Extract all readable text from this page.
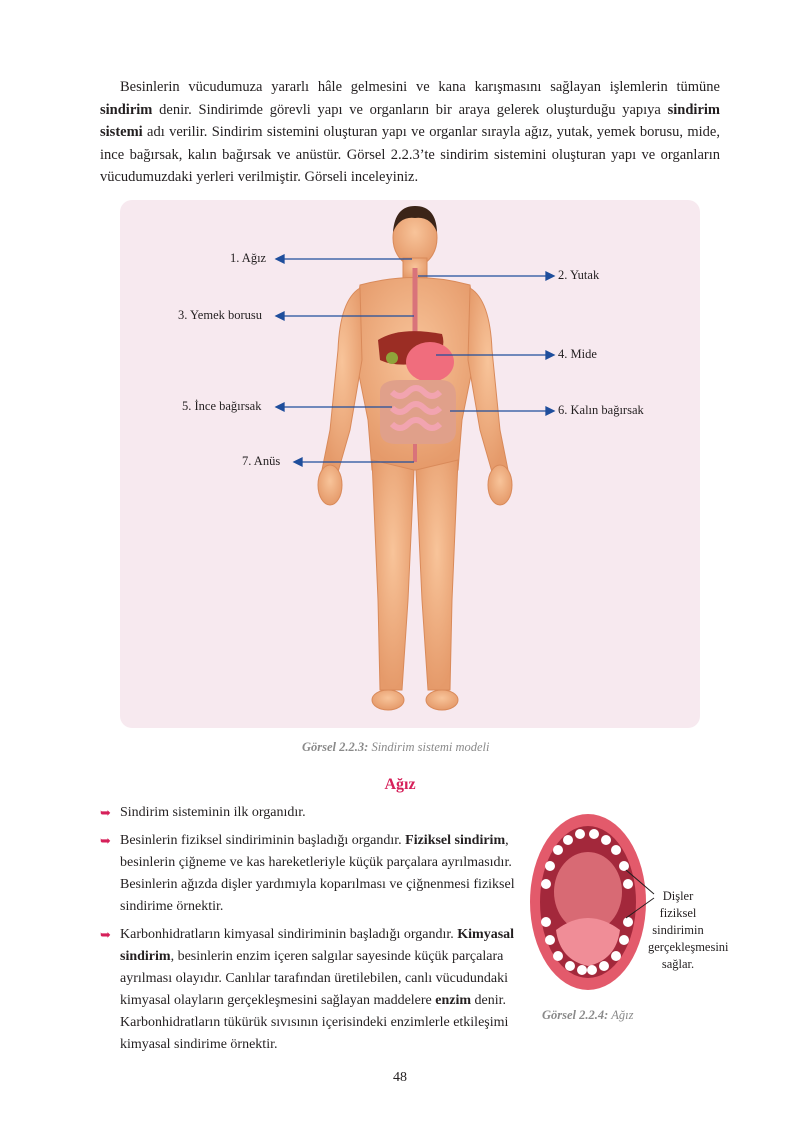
Besinlerin vücudumuza yararlı hâle gelmesini ve kana karışmasını sağlayan işlemlerin tümüne sindirim denir. Sindirimde görevli yapı ve organların bir araya gelerek oluşturduğu yapıya sindirim sistemi adı verilir. Sindirim sistemini oluşturan yapı ve organlar sırayla ağız, yutak, yemek borusu, mide, ince bağırsak, kalın bağırsak ve anüstür. Görsel 2.2.3’te sindirim sistemini oluşturan yapı ve organların vücudumuzdaki yerleri verilmiştir. Görseli inceleyiniz.

1. Ağız
2. Yutak
3. Yemek borusu
4. Mide
5. İnce bağırsak	6. Kalın bağırsak
7. Anüs
Görsel 2.2.3: Sindirim sistemi modeli
Ağız
➥ Sindirim sisteminin ilk organıdır.
➥ Besinlerin fiziksel sindiriminin başladığı organdır. Fiziksel sindirim, besinlerin çiğneme ve kas hareketleriyle küçük parçalara ayrılmasıdır. Besinlerin ağızda dişler yardımıyla koparılması ve çiğnenmesi fiziksel sindirime örnektir.
➥ Karbonhidratların kimyasal sindiriminin başladığı organdır. Kimyasal sindirim, besinlerin enzim içeren salgılar sayesinde küçük parçalara ayrılması olayıdır. Canlılar tarafından üretilebilen, canlı vücudundaki kimyasal olayların gerçekleşmesini sağlayan maddelere enzim denir. Karbonhidratların tükürük sıvısının içerisindeki enzimlerle etkileşimi kimyasal sindirime örnektir.
Dişler fiziksel sindirimin gerçekleşmesini sağlar.
Görsel 2.2.4: Ağız
48
